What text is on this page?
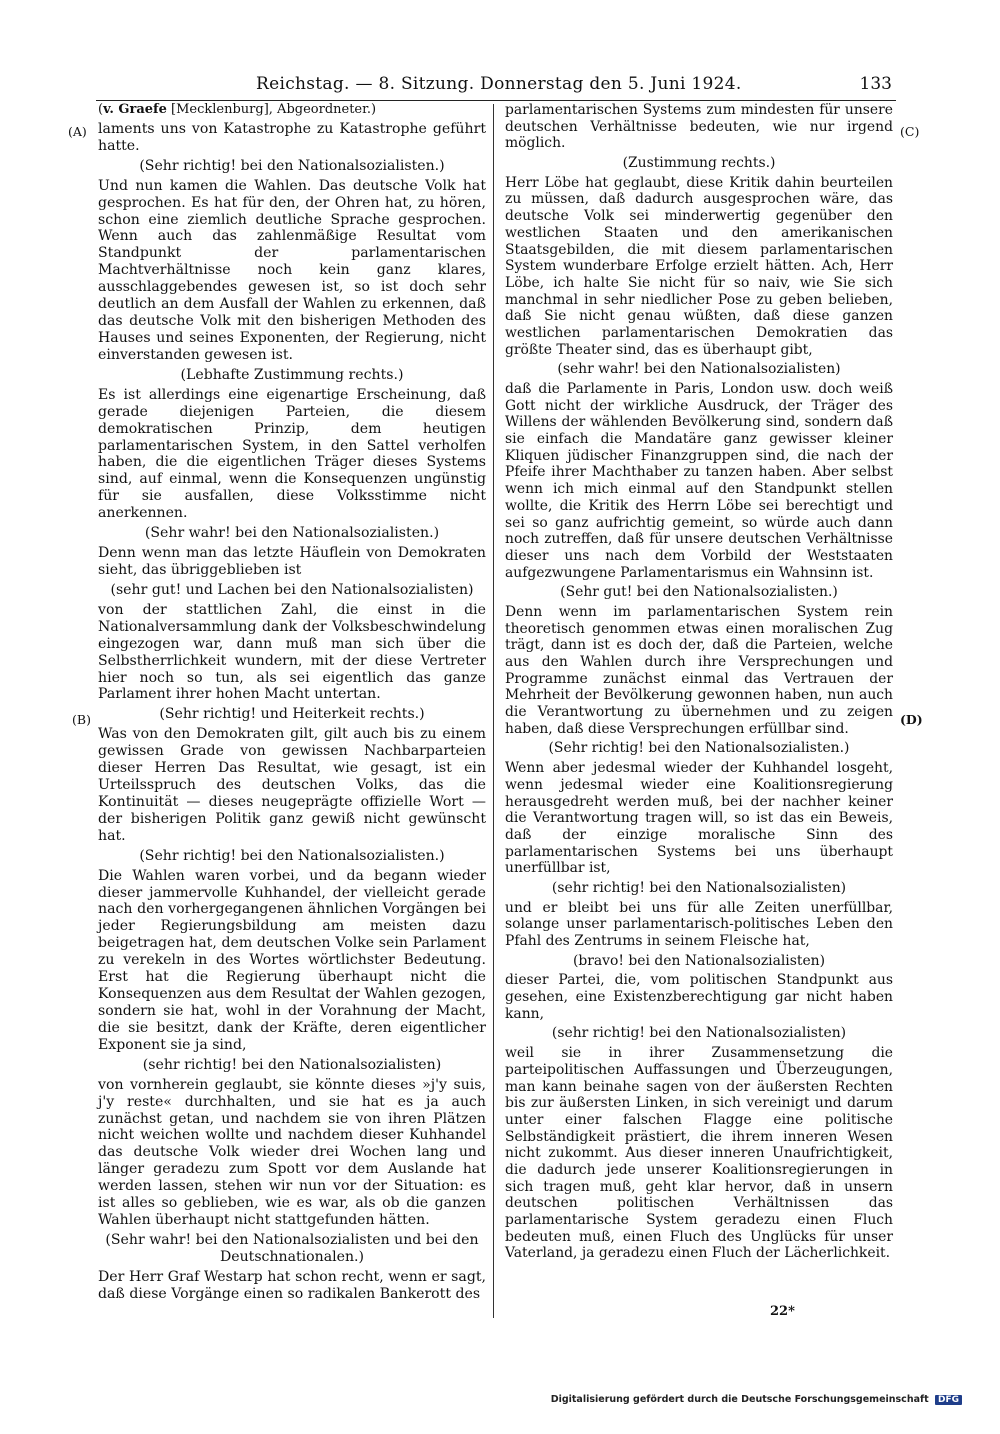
Reichstag. — 8. Sitzung. Donnerstag den 5. Juni 1924.	133
(A)
(B)
(C)
(D)

(v. Graefe [Mecklenburg], Abgeordneter.)

laments uns von Katastrophe zu Katastrophe geführt hatte.

(Sehr richtig! bei den Nationalsozialisten.)

Und nun kamen die Wahlen. Das deutsche Volk hat gesprochen. Es hat für den, der Ohren hat, zu hören, schon eine ziemlich deutliche Sprache gesprochen. Wenn auch das zahlenmäßige Resultat vom Standpunkt der parlamentarischen Machtverhältnisse noch kein ganz klares, ausschlaggebendes gewesen ist, so ist doch sehr deutlich an dem Ausfall der Wahlen zu erkennen, daß das deutsche Volk mit den bisherigen Methoden des Hauses und seines Exponenten, der Regierung, nicht einverstanden gewesen ist.

(Lebhafte Zustimmung rechts.)

Es ist allerdings eine eigenartige Erscheinung, daß gerade diejenigen Parteien, die diesem demokratischen Prinzip, dem heutigen parlamentarischen System, in den Sattel verholfen haben, die die eigentlichen Träger dieses Systems sind, auf einmal, wenn die Konsequenzen ungünstig für sie ausfallen, diese Volksstimme nicht anerkennen.

(Sehr wahr! bei den Nationalsozialisten.)

Denn wenn man das letzte Häuflein von Demokraten sieht, das übriggeblieben ist

(sehr gut! und Lachen bei den Nationalsozialisten)

von der stattlichen Zahl, die einst in die Nationalversammlung dank der Volksbeschwindelung eingezogen war, dann muß man sich über die Selbstherrlichkeit wundern, mit der diese Vertreter hier noch so tun, als sei eigentlich das ganze Parlament ihrer hohen Macht untertan.

(Sehr richtig! und Heiterkeit rechts.)

Was von den Demokraten gilt, gilt auch bis zu einem gewissen Grade von gewissen Nachbarparteien dieser Herren Das Resultat, wie gesagt, ist ein Urteilsspruch des deutschen Volks, das die Kontinuität — dieses neugeprägte offizielle Wort — der bisherigen Politik ganz gewiß nicht gewünscht hat.

(Sehr richtig! bei den Nationalsozialisten.)

Die Wahlen waren vorbei, und da begann wieder dieser jammervolle Kuhhandel, der vielleicht gerade nach den vorhergegangenen ähnlichen Vorgängen bei jeder Regierungsbildung am meisten dazu beigetragen hat, dem deutschen Volke sein Parlament zu verekeln in des Wortes wörtlichster Bedeutung. Erst hat die Regierung überhaupt nicht die Konsequenzen aus dem Resultat der Wahlen gezogen, sondern sie hat, wohl in der Vorahnung der Macht, die sie besitzt, dank der Kräfte, deren eigentlicher Exponent sie ja sind,

(sehr richtig! bei den Nationalsozialisten)

von vornherein geglaubt, sie könnte dieses »j'y suis, j'y reste« durchhalten, und sie hat es ja auch zunächst getan, und nachdem sie von ihren Plätzen nicht weichen wollte und nachdem dieser Kuhhandel das deutsche Volk wieder drei Wochen lang und länger geradezu zum Spott vor dem Auslande hat werden lassen, stehen wir nun vor der Situation: es ist alles so geblieben, wie es war, als ob die ganzen Wahlen überhaupt nicht stattgefunden hätten.

(Sehr wahr! bei den Nationalsozialisten und bei den Deutschnationalen.)

Der Herr Graf Westarp hat schon recht, wenn er sagt, daß diese Vorgänge einen so radikalen Bankerott des

parlamentarischen Systems zum mindesten für unsere deutschen Verhältnisse bedeuten, wie nur irgend möglich.

(Zustimmung rechts.)

Herr Löbe hat geglaubt, diese Kritik dahin beurteilen zu müssen, daß dadurch ausgesprochen wäre, das deutsche Volk sei minderwertig gegenüber den westlichen Staaten und den amerikanischen Staatsgebilden, die mit diesem parlamentarischen System wunderbare Erfolge erzielt hätten. Ach, Herr Löbe, ich halte Sie nicht für so naiv, wie Sie sich manchmal in sehr niedlicher Pose zu geben belieben, daß Sie nicht genau wüßten, daß diese ganzen westlichen parlamentarischen Demokratien das größte Theater sind, das es überhaupt gibt,

(sehr wahr! bei den Nationalsozialisten)

daß die Parlamente in Paris, London usw. doch weiß Gott nicht der wirkliche Ausdruck, der Träger des Willens der wählenden Bevölkerung sind, sondern daß sie einfach die Mandatäre ganz gewisser kleiner Kliquen jüdischer Finanzgruppen sind, die nach der Pfeife ihrer Machthaber zu tanzen haben. Aber selbst wenn ich mich einmal auf den Standpunkt stellen wollte, die Kritik des Herrn Löbe sei berechtigt und sei so ganz aufrichtig gemeint, so würde auch dann noch zutreffen, daß für unsere deutschen Verhältnisse dieser uns nach dem Vorbild der Weststaaten aufgezwungene Parlamentarismus ein Wahnsinn ist.

(Sehr gut! bei den Nationalsozialisten.)

Denn wenn im parlamentarischen System rein theoretisch genommen etwas einen moralischen Zug trägt, dann ist es doch der, daß die Parteien, welche aus den Wahlen durch ihre Versprechungen und Programme zunächst einmal das Vertrauen der Mehrheit der Bevölkerung gewonnen haben, nun auch die Verantwortung zu übernehmen und zu zeigen haben, daß diese Versprechungen erfüllbar sind.

(Sehr richtig! bei den Nationalsozialisten.)

Wenn aber jedesmal wieder der Kuhhandel losgeht, wenn jedesmal wieder eine Koalitionsregierung herausgedreht werden muß, bei der nachher keiner die Verantwortung tragen will, so ist das ein Beweis, daß der einzige moralische Sinn des parlamentarischen Systems bei uns überhaupt unerfüllbar ist,

(sehr richtig! bei den Nationalsozialisten)

und er bleibt bei uns für alle Zeiten unerfüllbar, solange unser parlamentarisch-politisches Leben den Pfahl des Zentrums in seinem Fleische hat,

(bravo! bei den Nationalsozialisten)

dieser Partei, die, vom politischen Standpunkt aus gesehen, eine Existenzberechtigung gar nicht haben kann,

(sehr richtig! bei den Nationalsozialisten)

weil sie in ihrer Zusammensetzung die parteipolitischen Auffassungen und Überzeugungen, man kann beinahe sagen von der äußersten Rechten bis zur äußersten Linken, in sich vereinigt und darum unter einer falschen Flagge eine politische Selbständigkeit prästiert, die ihrem inneren Wesen nicht zukommt. Aus dieser inneren Unaufrichtigkeit, die dadurch jede unserer Koalitionsregierungen in sich tragen muß, geht klar hervor, daß in unsern deutschen politischen Verhältnissen das parlamentarische System geradezu einen Fluch bedeuten muß, einen Fluch des Unglücks für unser Vaterland, ja geradezu einen Fluch der Lächerlichkeit.

22*
Digitalisierung gefördert durch die Deutsche Forschungsgemeinschaft DFG
